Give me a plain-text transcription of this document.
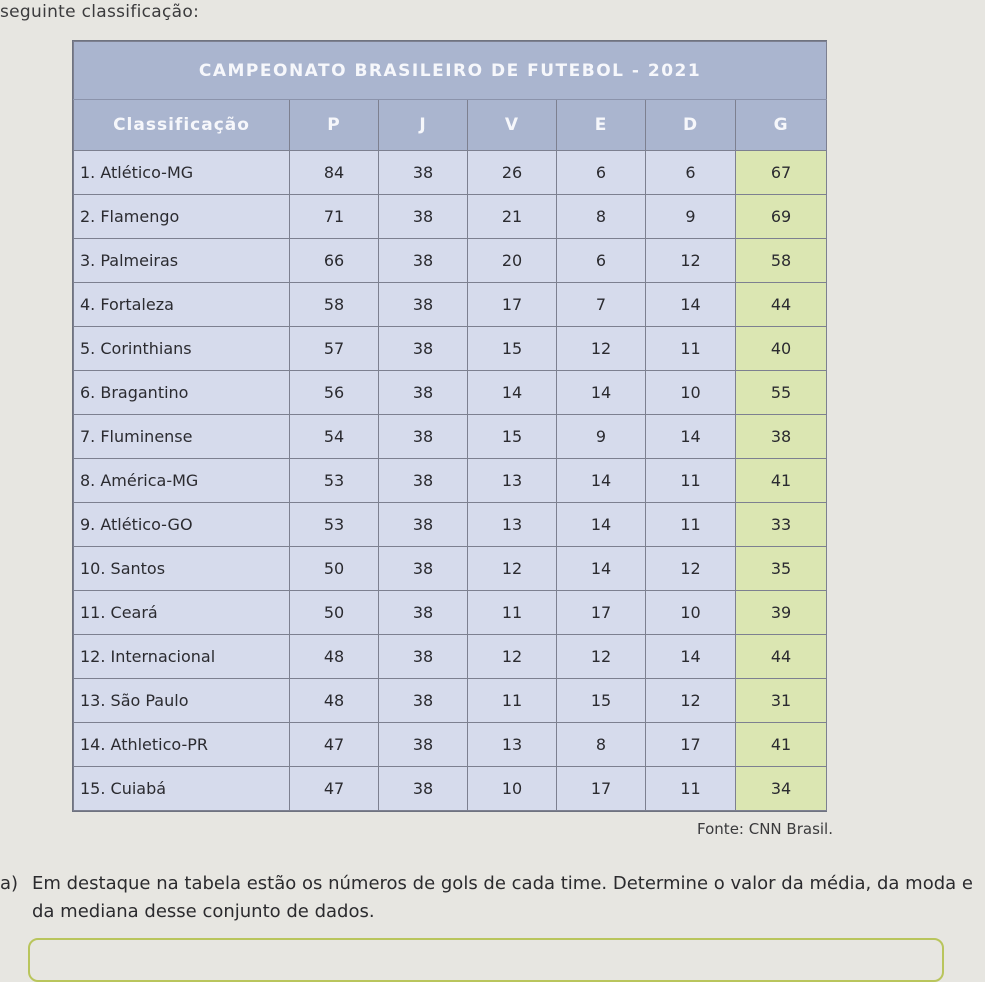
seguinte classificação:
CAMPEONATO BRASILEIRO DE FUTEBOL - 2021						
Classificação	P	J	V	E	D	G
1. Atlético-MG	84	38	26	6	6	67
2. Flamengo	71	38	21	8	9	69
3. Palmeiras	66	38	20	6	12	58
4. Fortaleza	58	38	17	7	14	44
5. Corinthians	57	38	15	12	11	40
6. Bragantino	56	38	14	14	10	55
7. Fluminense	54	38	15	9	14	38
8. América-MG	53	38	13	14	11	41
9. Atlético-GO	53	38	13	14	11	33
10. Santos	50	38	12	14	12	35
11. Ceará	50	38	11	17	10	39
12. Internacional	48	38	12	12	14	44
13. São Paulo	48	38	11	15	12	31
14. Athletico-PR	47	38	13	8	17	41
15. Cuiabá	47	38	10	17	11	34
Fonte: CNN Brasil.
a) Em destaque na tabela estão os números de gols de cada time. Determine o valor da média, da moda e da mediana desse conjunto de dados.
